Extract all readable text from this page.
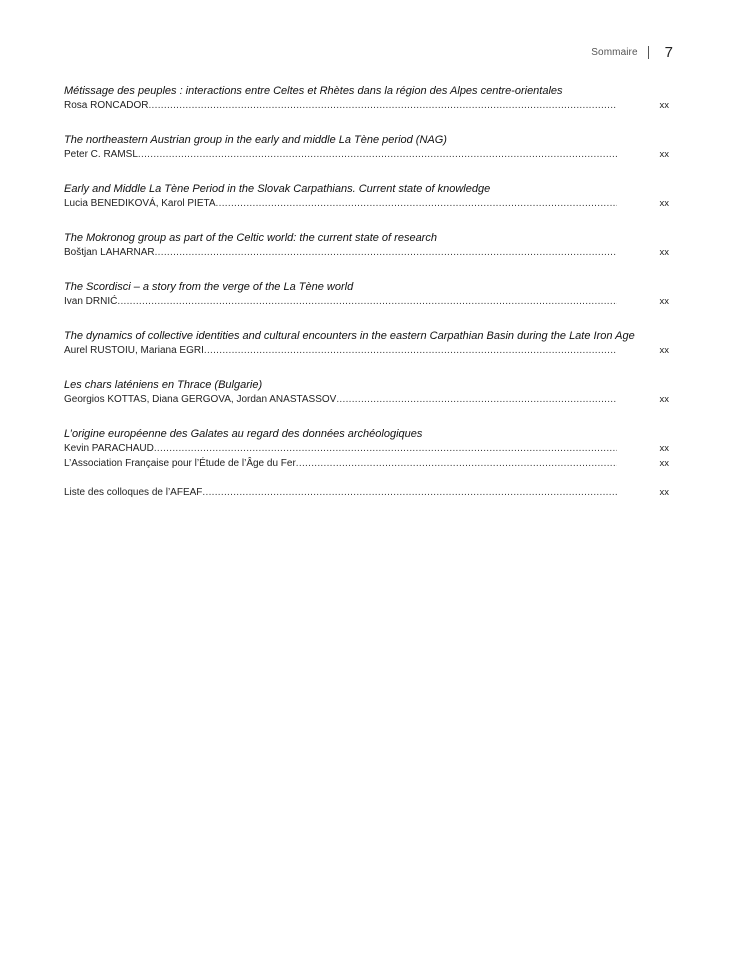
Sommaire 7
Métissage des peuples : interactions entre Celtes et Rhètes dans la région des Alpes centre-orientales
Rosa RONCADOR .....	xx
The northeastern Austrian group in the early and middle La Tène period (NAG)
Peter C. RAMSL .....	xx
Early and Middle La Tène Period in the Slovak Carpathians. Current state of knowledge
Lucia BENEDIKOVÁ, Karol PIETA .....	xx
The Mokronog group as part of the Celtic world: the current state of research
Boštjan LAHARNAR .....	xx
The Scordisci – a story from the verge of the La Tène world
Ivan DRNIĆ .....	xx
The dynamics of collective identities and cultural encounters in the eastern Carpathian Basin during the Late Iron Age
Aurel RUSTOIU, Mariana EGRI .....	xx
Les chars laténiens en Thrace (Bulgarie)
Georgios KOTTAS, Diana GERGOVA, Jordan ANASTASSOV .....	xx
L’origine européenne des Galates au regard des données archéologiques
Kevin PARACHAUD .....	xx
L’Association Française pour l’Étude de l’Âge du Fer .....	xx
Liste des colloques de l’AFEAF .....	xx
